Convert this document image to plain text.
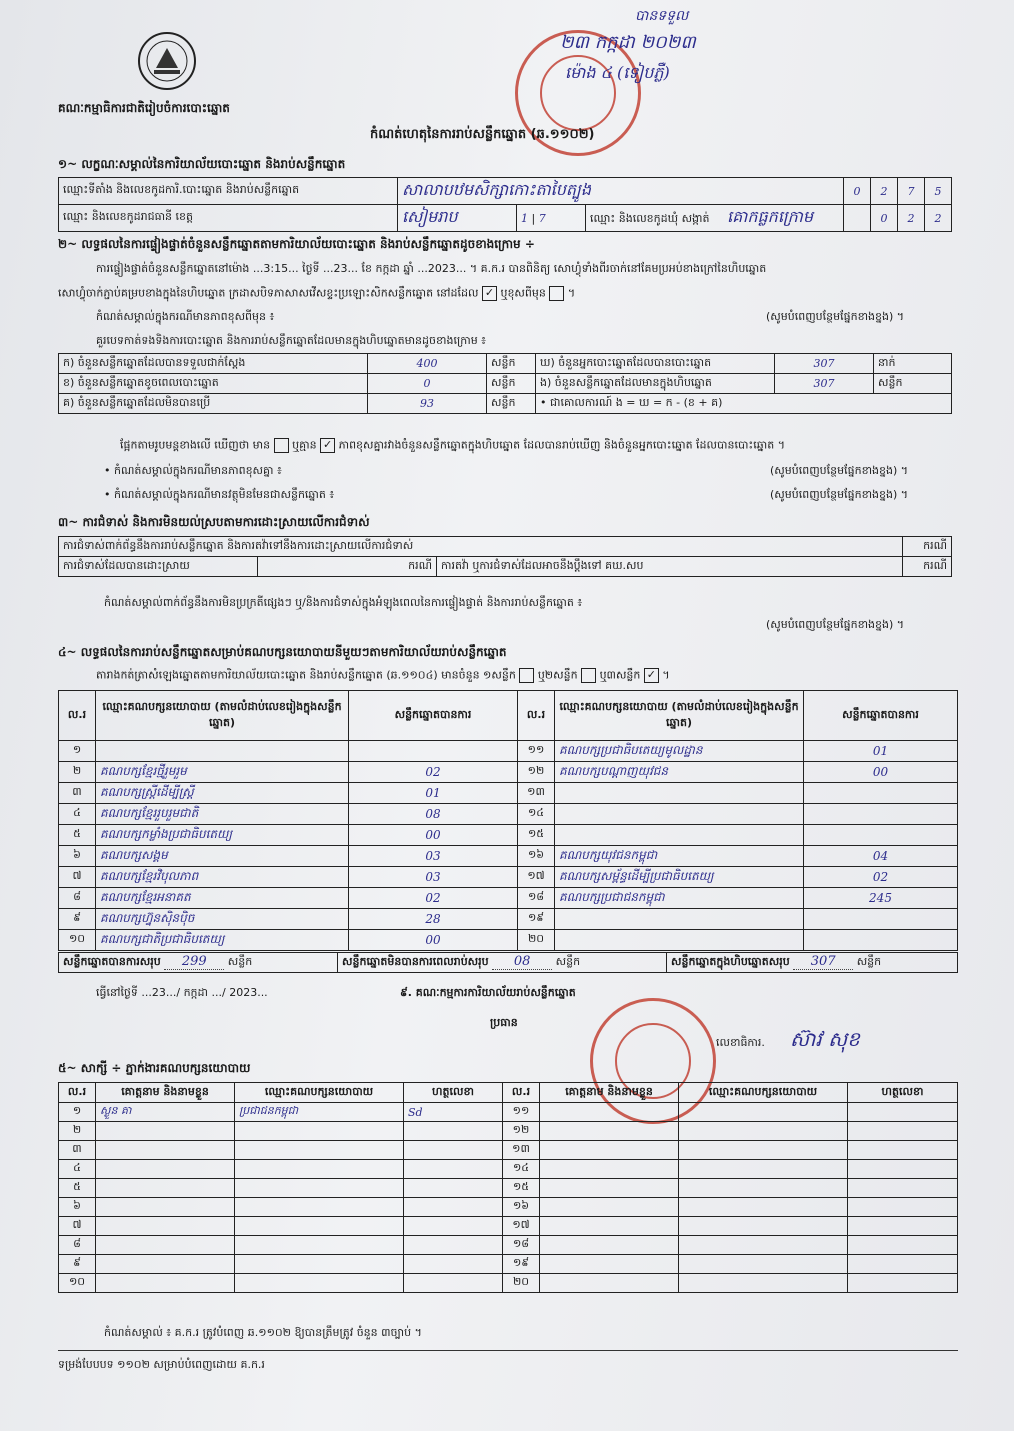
គណៈកម្មាធិការជាតិរៀបចំការបោះឆ្នោត
បានទទួល
២៣ កក្កដា ២០២៣
ម៉ោង ៤ (ទៀបភ្លឺ)
កំណត់ហេតុនៃការរាប់សន្លឹកឆ្នោត (ឆ.១១០២)
១~ លក្ខណៈសម្គាល់នៃការិយាល័យបោះឆ្នោត និងរាប់សន្លឹកឆ្នោត
ឈ្មោះទីតាំង និងលេខកូដការិ.បោះឆ្នោត និងរាប់សន្លឹកឆ្នោត	សាលាបឋមសិក្សាកោះតាបៃត្បូង			0	2	7	5
ឈ្មោះ និងលេខកូដរាជធានី ខេត្ត	សៀមរាប	1 | 7	ឈ្មោះ និងលេខកូដឃុំ សង្កាត់ គោកធ្លកក្រោម		0	2	2
២~ លទ្ធផលនៃការផ្ទៀងផ្ទាត់ចំនួនសន្លឹកឆ្នោតតាមការិយាល័យបោះឆ្នោត និងរាប់សន្លឹកឆ្នោតដូចខាងក្រោម ÷
ការផ្ទៀងផ្ទាត់ចំនួនសន្លឹកឆ្នោតនៅម៉ោង ...3:15... ថ្ងៃទី ...23... ខែ កក្កដា ឆ្នាំ ...2023... ។ គ.ក.រ បានពិនិត្យ សោហ្វុំទាំងពីរចាក់នៅគែមប្រអប់ខាងក្រៅនៃហិបឆ្នោត
សោហ្វុំចាក់ភ្ជាប់គម្របខាងក្នុងនៃហិបឆ្នោត ក្រដាសបិទភាសាសវើសខ្ទះប្រឡោះសិកសន្លឹកឆ្នោត នៅដដែល ✓ ឬខុសពីមុន ។
កំណត់សម្គាល់ក្នុងករណីមានភាពខុសពីមុន ៖	(សូមបំពេញបន្ថែមផ្នែកខាងខ្នង) ។
គួរបេទកាត់ទងទិងការបោះឆ្នោត និងការរាប់សន្លឹកឆ្នោតដែលមានក្នុងហិបឆ្នោតមានដូចខាងក្រោម ៖
ក) ចំនួនសន្លឹកឆ្នោតដែលបានទទួលជាក់ស្តែង	400	សន្លឹក	ឃ) ចំនួនអ្នកបោះឆ្នោតដែលបានបោះឆ្នោត	307	នាក់
ខ) ចំនួនសន្លឹកឆ្នោតខូចពេលបោះឆ្នោត	0	សន្លឹក	ង) ចំនួនសន្លឹកឆ្នោតដែលមានក្នុងហិបឆ្នោត	307	សន្លឹក
គ) ចំនួនសន្លឹកឆ្នោតដែលមិនបានប្រើ	93	សន្លឹក	• ជាគោលការណ៍ ង = ឃ = ក - (ខ + គ)		
ផ្អែកតាមរូបមន្តខាងលើ ឃើញថា មាន ឬគ្មាន ✓ ភាពខុសគ្នារវាងចំនួនសន្លឹកឆ្នោតក្នុងហិបឆ្នោត ដែលបានរាប់ឃើញ និងចំនួនអ្នកបោះឆ្នោត ដែលបានបោះឆ្នោត ។
• កំណត់សម្គាល់ក្នុងករណីមានភាពខុសគ្នា ៖	(សូមបំពេញបន្ថែមផ្នែកខាងខ្នង) ។
• កំណត់សម្គាល់ក្នុងករណីមានវត្ថុមិនមែនជាសន្លឹកឆ្នោត ៖	(សូមបំពេញបន្ថែមផ្នែកខាងខ្នង) ។
៣~ ការជំទាស់ និងការមិនយល់ស្របតាមការដោះស្រាយលើការជំទាស់
ការជំទាស់ពាក់ព័ន្ធនឹងការរាប់សន្លឹកឆ្នោត និងការតវ៉ាទៅនឹងការដោះស្រាយលើការជំទាស់			ករណី
ការជំទាស់ដែលបានដោះស្រាយ	ករណី	ការតវ៉ា ឬការជំទាស់ដែលអាចនឹងប្តឹងទៅ គឃ.សប	ករណី
កំណត់សម្គាល់ពាក់ព័ន្ធនឹងការមិនប្រក្រតីផ្សេងៗ ឬ/និងការជំទាស់ក្នុងអំឡុងពេលនៃការផ្ទៀងផ្ទាត់ និងការរាប់សន្លឹកឆ្នោត ៖
(សូមបំពេញបន្ថែមផ្នែកខាងខ្នង) ។
៤~ លទ្ធផលនៃការរាប់សន្លឹកឆ្នោតសម្រាប់គណបក្សនយោបាយនីមួយៗតាមការិយាល័យរាប់សន្លឹកឆ្នោត
តារាងកត់ត្រាសំឡេងឆ្នោតតាមការិយាល័យបោះឆ្នោត និងរាប់សន្លឹកឆ្នោត (ឆ.១១០៤) មានចំនួន ១សន្លឹក ឬ២សន្លឹក ឬ៣សន្លឹក ✓ ។
ល.រ	ឈ្មោះគណបក្សនយោបាយ (តាមលំដាប់លេខរៀងក្នុងសន្លឹកឆ្នោត)	សន្លឹកឆ្នោតបានការ	ល.រ	ឈ្មោះគណបក្សនយោបាយ (តាមលំដាប់លេខរៀងក្នុងសន្លឹកឆ្នោត)	សន្លឹកឆ្នោតបានការ
១			១១	គណបក្សប្រជាធិបតេយ្យមូលដ្ឋាន	01
២	គណបក្សខ្មែរថ្មីរួមរួម	02	១២	គណបក្សបណ្តាញយុវជន	00
៣	គណបក្សស្រ្តីដើម្បីស្រ្តី	01	១៣		
៤	គណបក្សខ្មែររួបរួមជាតិ	08	១៤		
៥	គណបក្សកម្លាំងប្រជាធិបតេយ្យ	00	១៥		
៦	គណបក្សសង្គម	03	១៦	គណបក្សយុវជនកម្ពុជា	04
៧	គណបក្សខ្មែរវិបុលភាព	03	១៧	គណបក្សសម្ព័ន្ធដើម្បីប្រជាធិបតេយ្យ	02
៨	គណបក្សខ្មែរអនាគត	02	១៨	គណបក្សប្រជាជនកម្ពុជា	245
៩	គណបក្សហ្វ៊ុនស៊ិនប៉ិច	28	១៩		
១០	គណបក្សជាតិប្រជាធិបតេយ្យ	00	២០		
សន្លឹកឆ្នោតបានការសរុប 299 សន្លឹក	សន្លឹកឆ្នោតមិនបានការពេលរាប់សរុប 08 សន្លឹក	សន្លឹកឆ្នោតក្នុងហិបឆ្នោតសរុប 307 សន្លឹក
ធ្វើនៅថ្ងៃទី ...23.../ កក្កដា .../ 2023...	៩. គណៈកម្មការការិយាល័យរាប់សន្លឹកឆ្នោត
ប្រធាន
លេខាធិការ. ស៊ាវ សុខ
៥~ សាក្សី ÷ ភ្នាក់ងារគណបក្សនយោបាយ
ល.រ	គោត្តនាម និងនាមខ្លួន	ឈ្មោះគណបក្សនយោបាយ	ហត្ថលេខា	ល.រ	គោត្តនាម និងនាមខ្លួន	ឈ្មោះគណបក្សនយោបាយ	ហត្ថលេខា
១	ស្ងួន គា	ប្រជាជនកម្ពុជា	Sd	១១			
២				១២			
៣				១៣			
៤				១៤			
៥				១៥			
៦				១៦			
៧				១៧			
៨				១៨			
៩				១៩			
១០				២០			
កំណត់សម្គាល់ ៖ គ.ក.រ ត្រូវបំពេញ ឆ.១១០២ ឱ្យបានត្រឹមត្រូវ ចំនួន ៣ច្បាប់ ។
ទម្រង់បែបបទ ១១០២ សម្រាប់បំពេញដោយ គ.ក.រ
